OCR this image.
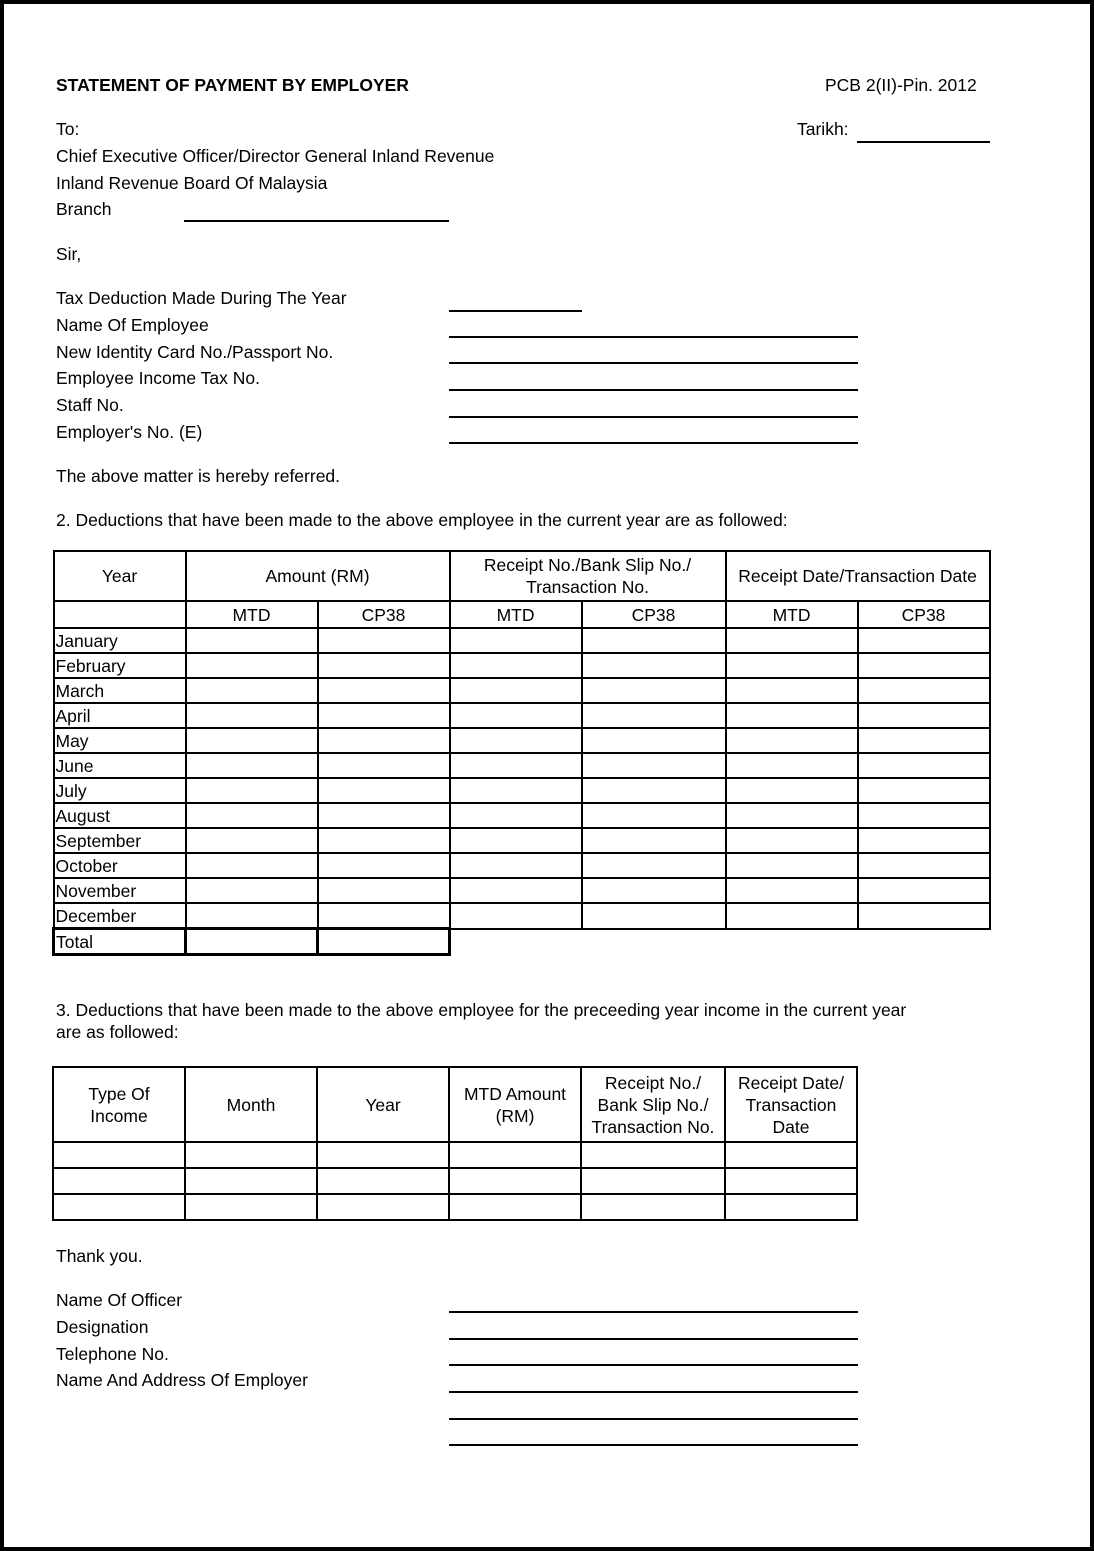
STATEMENT OF PAYMENT BY EMPLOYER	PCB 2(II)-Pin. 2012
Tarikh:
To:
Chief Executive Officer/Director General Inland Revenue
Inland Revenue Board Of Malaysia
Branch
Sir,
Tax Deduction Made During The Year
Name Of Employee
New Identity Card No./Passport No.
Employee Income Tax No.
Staff No.
Employer's No. (E)
The above matter is hereby referred.
2. Deductions that have been made to the above employee in the current year are as followed:
Year	Amount (RM)		Receipt No./Bank Slip No./ Transaction No.		Receipt Date/Transaction Date	
	MTD	CP38	MTD	CP38	MTD	CP38
January						
February						
March						
April						
May						
June						
July						
August						
September						
October						
November						
December						
Total						
3. Deductions that have been made to the above employee for the preceeding year income in the current year
are as followed:
Type Of Income	Month	Year	MTD Amount (RM)	Receipt No./ Bank Slip No./ Transaction No.	Receipt Date/ Transaction Date

Thank you.
Name Of Officer
Designation
Telephone No.
Name And Address Of Employer
